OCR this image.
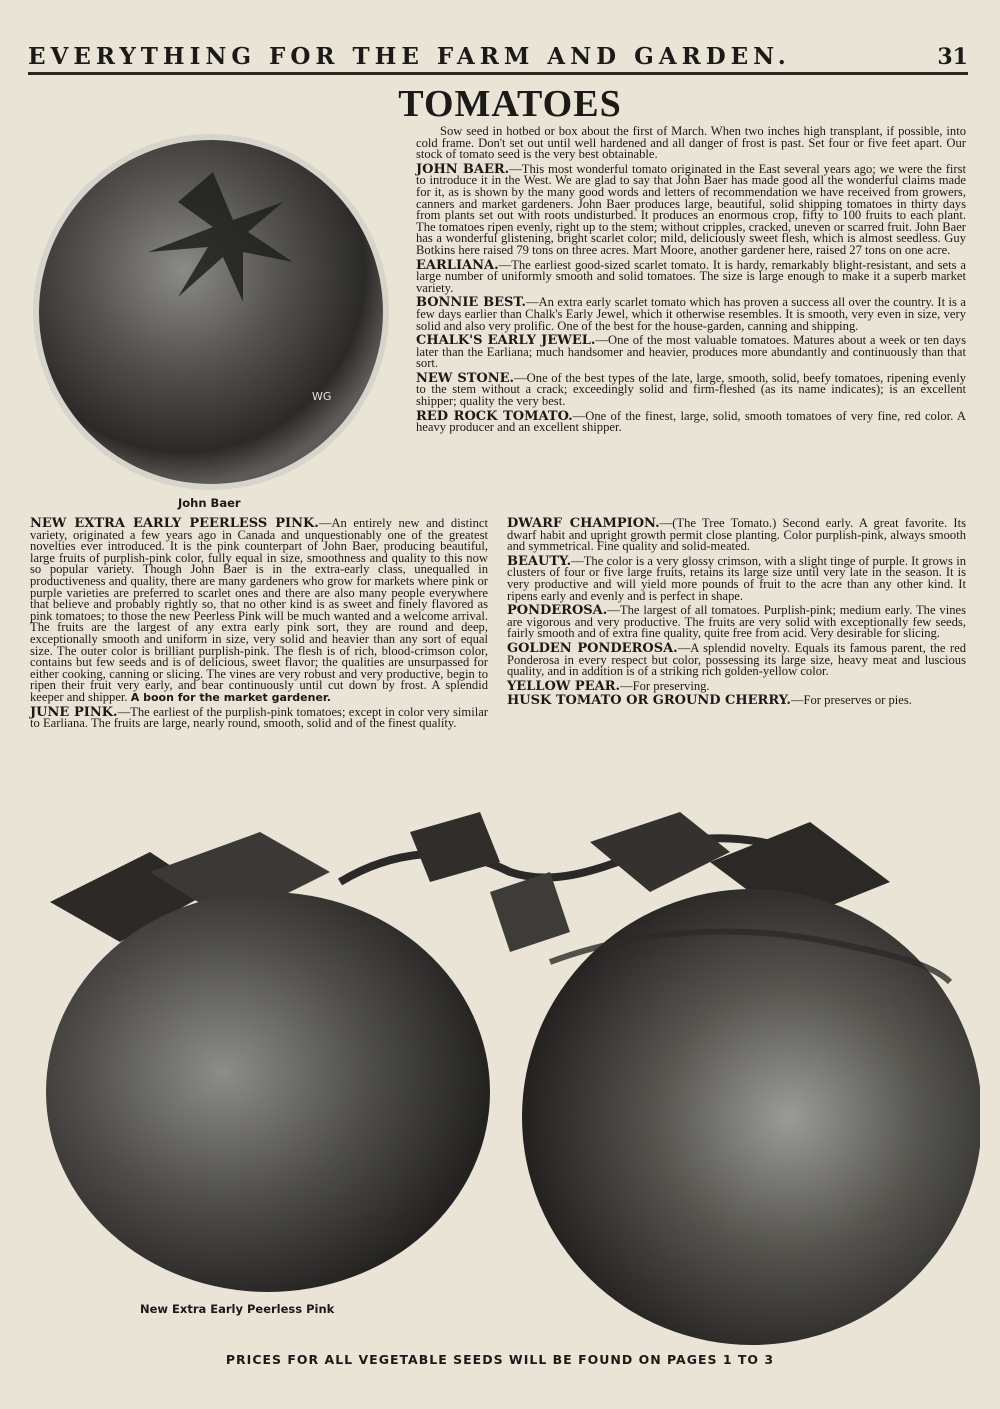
EVERYTHING FOR THE FARM AND GARDEN.	31
TOMATOES
WG
John Baer

Sow seed in hotbed or box about the first of March. When two inches high transplant, if possible, into cold frame. Don't set out until well hardened and all danger of frost is past. Set four or five feet apart. Our stock of tomato seed is the very best obtainable.

JOHN BAER.—This most wonderful tomato originated in the East several years ago; we were the first to introduce it in the West. We are glad to say that John Baer has made good all the wonderful claims made for it, as is shown by the many good words and letters of recommendation we have received from growers, canners and market gardeners. John Baer produces large, beautiful, solid shipping tomatoes in thirty days from plants set out with roots undisturbed. It produces an enormous crop, fifty to 100 fruits to each plant. The tomatoes ripen evenly, right up to the stem; without cripples, cracked, uneven or scarred fruit. John Baer has a wonderful glistening, bright scarlet color; mild, deliciously sweet flesh, which is almost seedless. Guy Botkins here raised 79 tons on three acres. Mart Moore, another gardener here, raised 27 tons on one acre.

EARLIANA.—The earliest good-sized scarlet tomato. It is hardy, remarkably blight-resistant, and sets a large number of uniformly smooth and solid tomatoes. The size is large enough to make it a superb market variety.

BONNIE BEST.—An extra early scarlet tomato which has proven a success all over the country. It is a few days earlier than Chalk's Early Jewel, which it otherwise resembles. It is smooth, very even in size, very solid and also very prolific. One of the best for the house-garden, canning and shipping.

CHALK'S EARLY JEWEL.—One of the most valuable tomatoes. Matures about a week or ten days later than the Earliana; much handsomer and heavier, produces more abundantly and continuously than that sort.

NEW STONE.—One of the best types of the late, large, smooth, solid, beefy tomatoes, ripening evenly to the stem without a crack; exceedingly solid and firm-fleshed (as its name indicates); is an excellent shipper; quality the very best.

RED ROCK TOMATO.—One of the finest, large, solid, smooth tomatoes of very fine, red color. A heavy producer and an excellent shipper.

NEW EXTRA EARLY PEERLESS PINK.—An entirely new and distinct variety, originated a few years ago in Canada and unquestionably one of the greatest novelties ever introduced. It is the pink counterpart of John Baer, producing beautiful, large fruits of purplish-pink color, fully equal in size, smoothness and quality to this now so popular variety. Though John Baer is in the extra-early class, unequalled in productiveness and quality, there are many gardeners who grow for markets where pink or purple varieties are preferred to scarlet ones and there are also many people everywhere that believe and probably rightly so, that no other kind is as sweet and finely flavored as pink tomatoes; to those the new Peerless Pink will be much wanted and a welcome arrival. The fruits are the largest of any extra early pink sort, they are round and deep, exceptionally smooth and uniform in size, very solid and heavier than any sort of equal size. The outer color is brilliant purplish-pink. The flesh is of rich, blood-crimson color, contains but few seeds and is of delicious, sweet flavor; the qualities are unsurpassed for either cooking, canning or slicing. The vines are very robust and very productive, begin to ripen their fruit very early, and bear continuously until cut down by frost. A splendid keeper and shipper. A boon for the market gardener.

JUNE PINK.—The earliest of the purplish-pink tomatoes; except in color very similar to Earliana. The fruits are large, nearly round, smooth, solid and of the finest quality.

DWARF CHAMPION.—(The Tree Tomato.) Second early. A great favorite. Its dwarf habit and upright growth permit close planting. Color purplish-pink, always smooth and symmetrical. Fine quality and solid-meated.

BEAUTY.—The color is a very glossy crimson, with a slight tinge of purple. It grows in clusters of four or five large fruits, retains its large size until very late in the season. It is very productive and will yield more pounds of fruit to the acre than any other kind. It ripens early and evenly and is perfect in shape.

PONDEROSA.—The largest of all tomatoes. Purplish-pink; medium early. The vines are vigorous and very productive. The fruits are very solid with exceptionally few seeds, fairly smooth and of extra fine quality, quite free from acid. Very desirable for slicing.

GOLDEN PONDEROSA.—A splendid novelty. Equals its famous parent, the red Ponderosa in every respect but color, possessing its large size, heavy meat and luscious quality, and in addition is of a striking rich golden-yellow color.

YELLOW PEAR.—For preserving.

HUSK TOMATO OR GROUND CHERRY.—For preserves or pies.

New Extra Early Peerless Pink
PRICES FOR ALL VEGETABLE SEEDS WILL BE FOUND ON PAGES 1 TO 3
